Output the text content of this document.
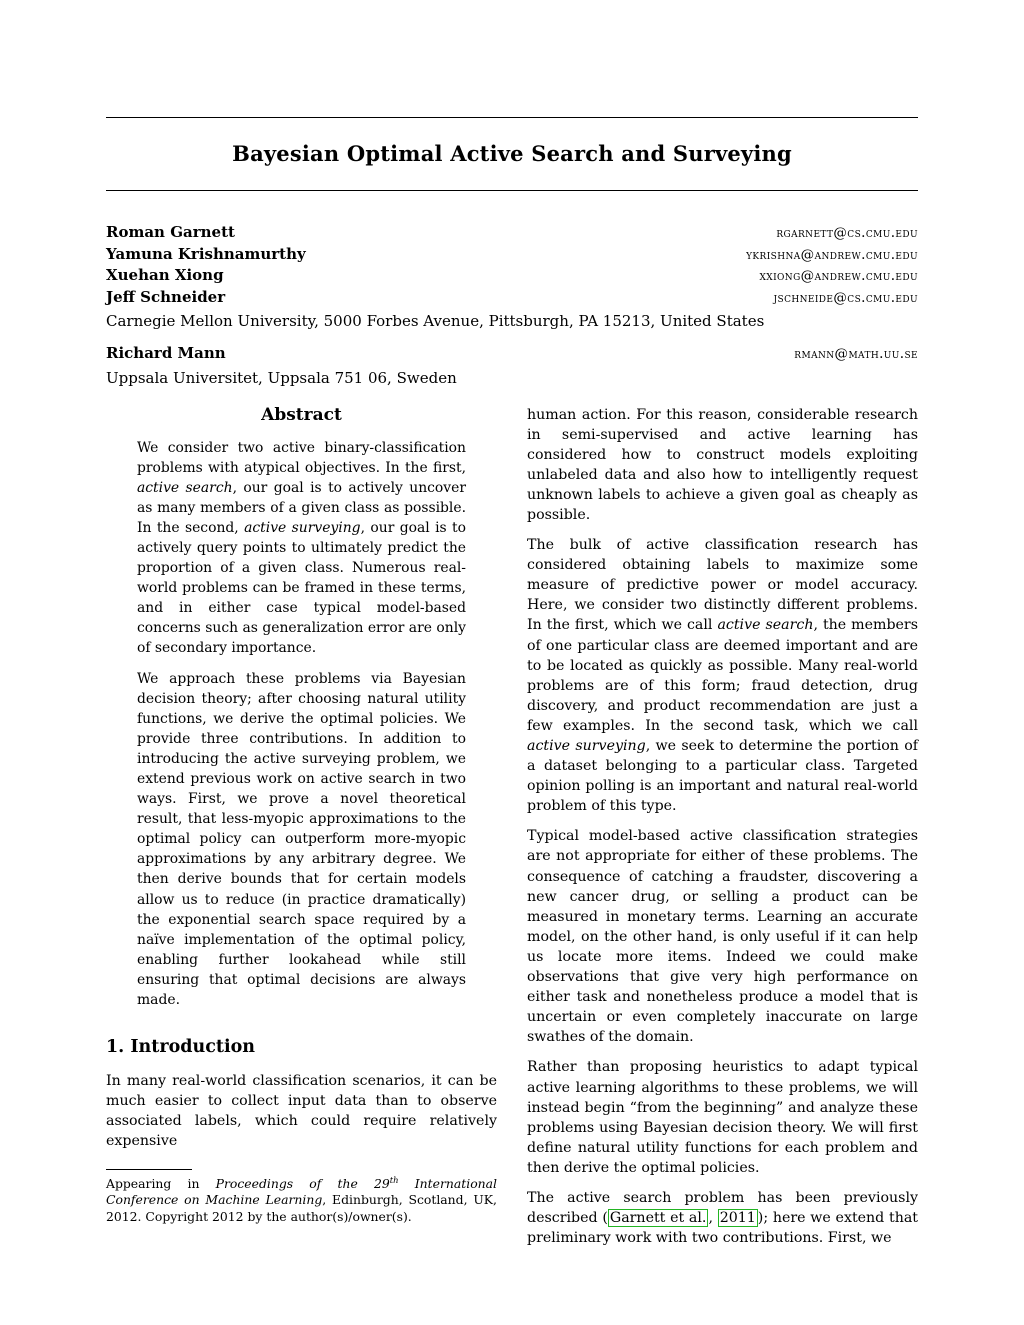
Bayesian Optimal Active Search and Surveying
Roman Garnett	rgarnett@cs.cmu.edu
Yamuna Krishnamurthy	ykrishna@andrew.cmu.edu
Xuehan Xiong	xxiong@andrew.cmu.edu
Jeff Schneider	jschneide@cs.cmu.edu
Carnegie Mellon University, 5000 Forbes Avenue, Pittsburgh, PA 15213, United States
Richard Mann	rmann@math.uu.se
Uppsala Universitet, Uppsala 751 06, Sweden
Abstract

We consider two active binary-classification problems with atypical objectives. In the first, active search, our goal is to actively uncover as many members of a given class as possible. In the second, active surveying, our goal is to actively query points to ultimately predict the proportion of a given class. Numerous real-world problems can be framed in these terms, and in either case typical model-based concerns such as generalization error are only of secondary importance.

We approach these problems via Bayesian decision theory; after choosing natural utility functions, we derive the optimal policies. We provide three contributions. In addition to introducing the active surveying problem, we extend previous work on active search in two ways. First, we prove a novel theoretical result, that less-myopic approximations to the optimal policy can outperform more-myopic approximations by any arbitrary degree. We then derive bounds that for certain models allow us to reduce (in practice dramatically) the exponential search space required by a naïve implementation of the optimal policy, enabling further lookahead while still ensuring that optimal decisions are always made.

1. Introduction

In many real-world classification scenarios, it can be much easier to collect input data than to observe associated labels, which could require relatively expensive

Appearing in Proceedings of the 29th International Conference on Machine Learning, Edinburgh, Scotland, UK, 2012. Copyright 2012 by the author(s)/owner(s).

human action. For this reason, considerable research in semi-supervised and active learning has considered how to construct models exploiting unlabeled data and also how to intelligently request unknown labels to achieve a given goal as cheaply as possible.

The bulk of active classification research has considered obtaining labels to maximize some measure of predictive power or model accuracy. Here, we consider two distinctly different problems. In the first, which we call active search, the members of one particular class are deemed important and are to be located as quickly as possible. Many real-world problems are of this form; fraud detection, drug discovery, and product recommendation are just a few examples. In the second task, which we call active surveying, we seek to determine the portion of a dataset belonging to a particular class. Targeted opinion polling is an important and natural real-world problem of this type.

Typical model-based active classification strategies are not appropriate for either of these problems. The consequence of catching a fraudster, discovering a new cancer drug, or selling a product can be measured in monetary terms. Learning an accurate model, on the other hand, is only useful if it can help us locate more items. Indeed we could make observations that give very high performance on either task and nonetheless produce a model that is uncertain or even completely inaccurate on large swathes of the domain.

Rather than proposing heuristics to adapt typical active learning algorithms to these problems, we will instead begin “from the beginning” and analyze these problems using Bayesian decision theory. We will first define natural utility functions for each problem and then derive the optimal policies.

The active search problem has been previously described ( Garnett et al. , 2011 ); here we extend that preliminary work with two contributions. First, we
